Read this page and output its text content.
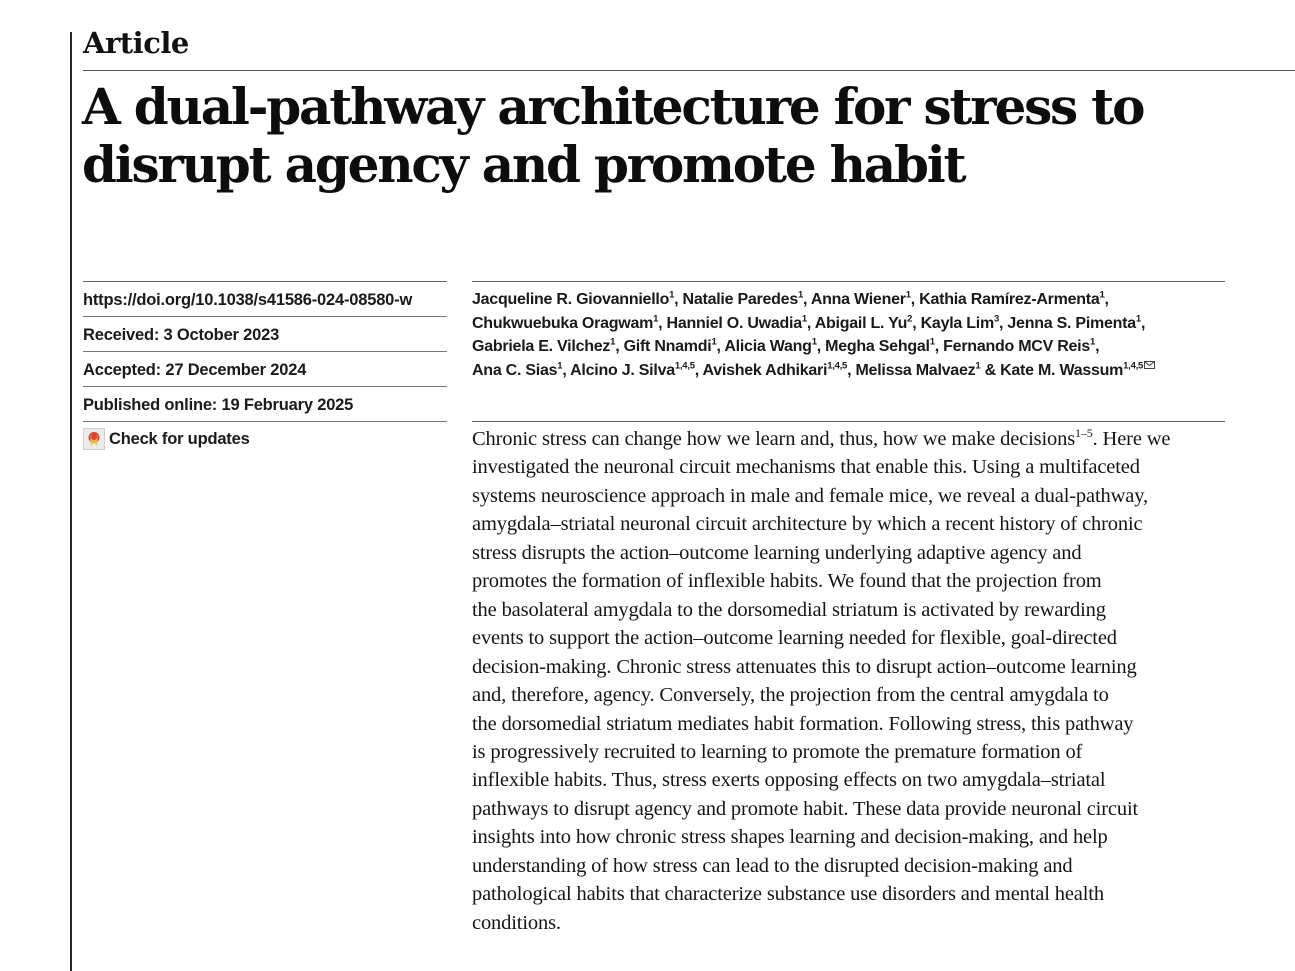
Article
A dual-pathway architecture for stress to
disrupt agency and promote habit
https://doi.org/10.1038/s41586-024-08580-w
Received: 3 October 2023
Accepted: 27 December 2024
Published online: 19 February 2025
Check for updates

Jacqueline R. Giovanniello$^1$, Natalie Paredes$^1$, Anna Wiener$^1$, Kathia Ramírez-Armenta$^1$,
Chukwuebuka Oragwam$^1$, Hanniel O. Uwadia$^1$, Abigail L. Yu$^2$, Kayla Lim$^3$, Jenna S. Pimenta$^1$,
Gabriela E. Vilchez$^1$, Gift Nnamdi$^1$, Alicia Wang$^1$, Megha Sehgal$^1$, Fernando MCV Reis$^1$,
Ana C. Sias$^1$, Alcino J. Silva$^{1,4,5}$, Avishek Adhikari$^{1,4,5}$, Melissa Malvaez$^1$ & Kate M. Wassum$^{1,4,5}$

Chronic stress can change how we learn and, thus, how we make decisions$^{1-5}$. Here we
investigated the neuronal circuit mechanisms that enable this. Using a multifaceted
systems neuroscience approach in male and female mice, we reveal a dual-pathway,
amygdala–striatal neuronal circuit architecture by which a recent history of chronic
stress disrupts the action–outcome learning underlying adaptive agency and
promotes the formation of inflexible habits. We found that the projection from
the basolateral amygdala to the dorsomedial striatum is activated by rewarding
events to support the action–outcome learning needed for flexible, goal-directed
decision-making. Chronic stress attenuates this to disrupt action–outcome learning
and, therefore, agency. Conversely, the projection from the central amygdala to
the dorsomedial striatum mediates habit formation. Following stress, this pathway
is progressively recruited to learning to promote the premature formation of
inflexible habits. Thus, stress exerts opposing effects on two amygdala–striatal
pathways to disrupt agency and promote habit. These data provide neuronal circuit
insights into how chronic stress shapes learning and decision-making, and help
understanding of how stress can lead to the disrupted decision-making and
pathological habits that characterize substance use disorders and mental health
conditions.
